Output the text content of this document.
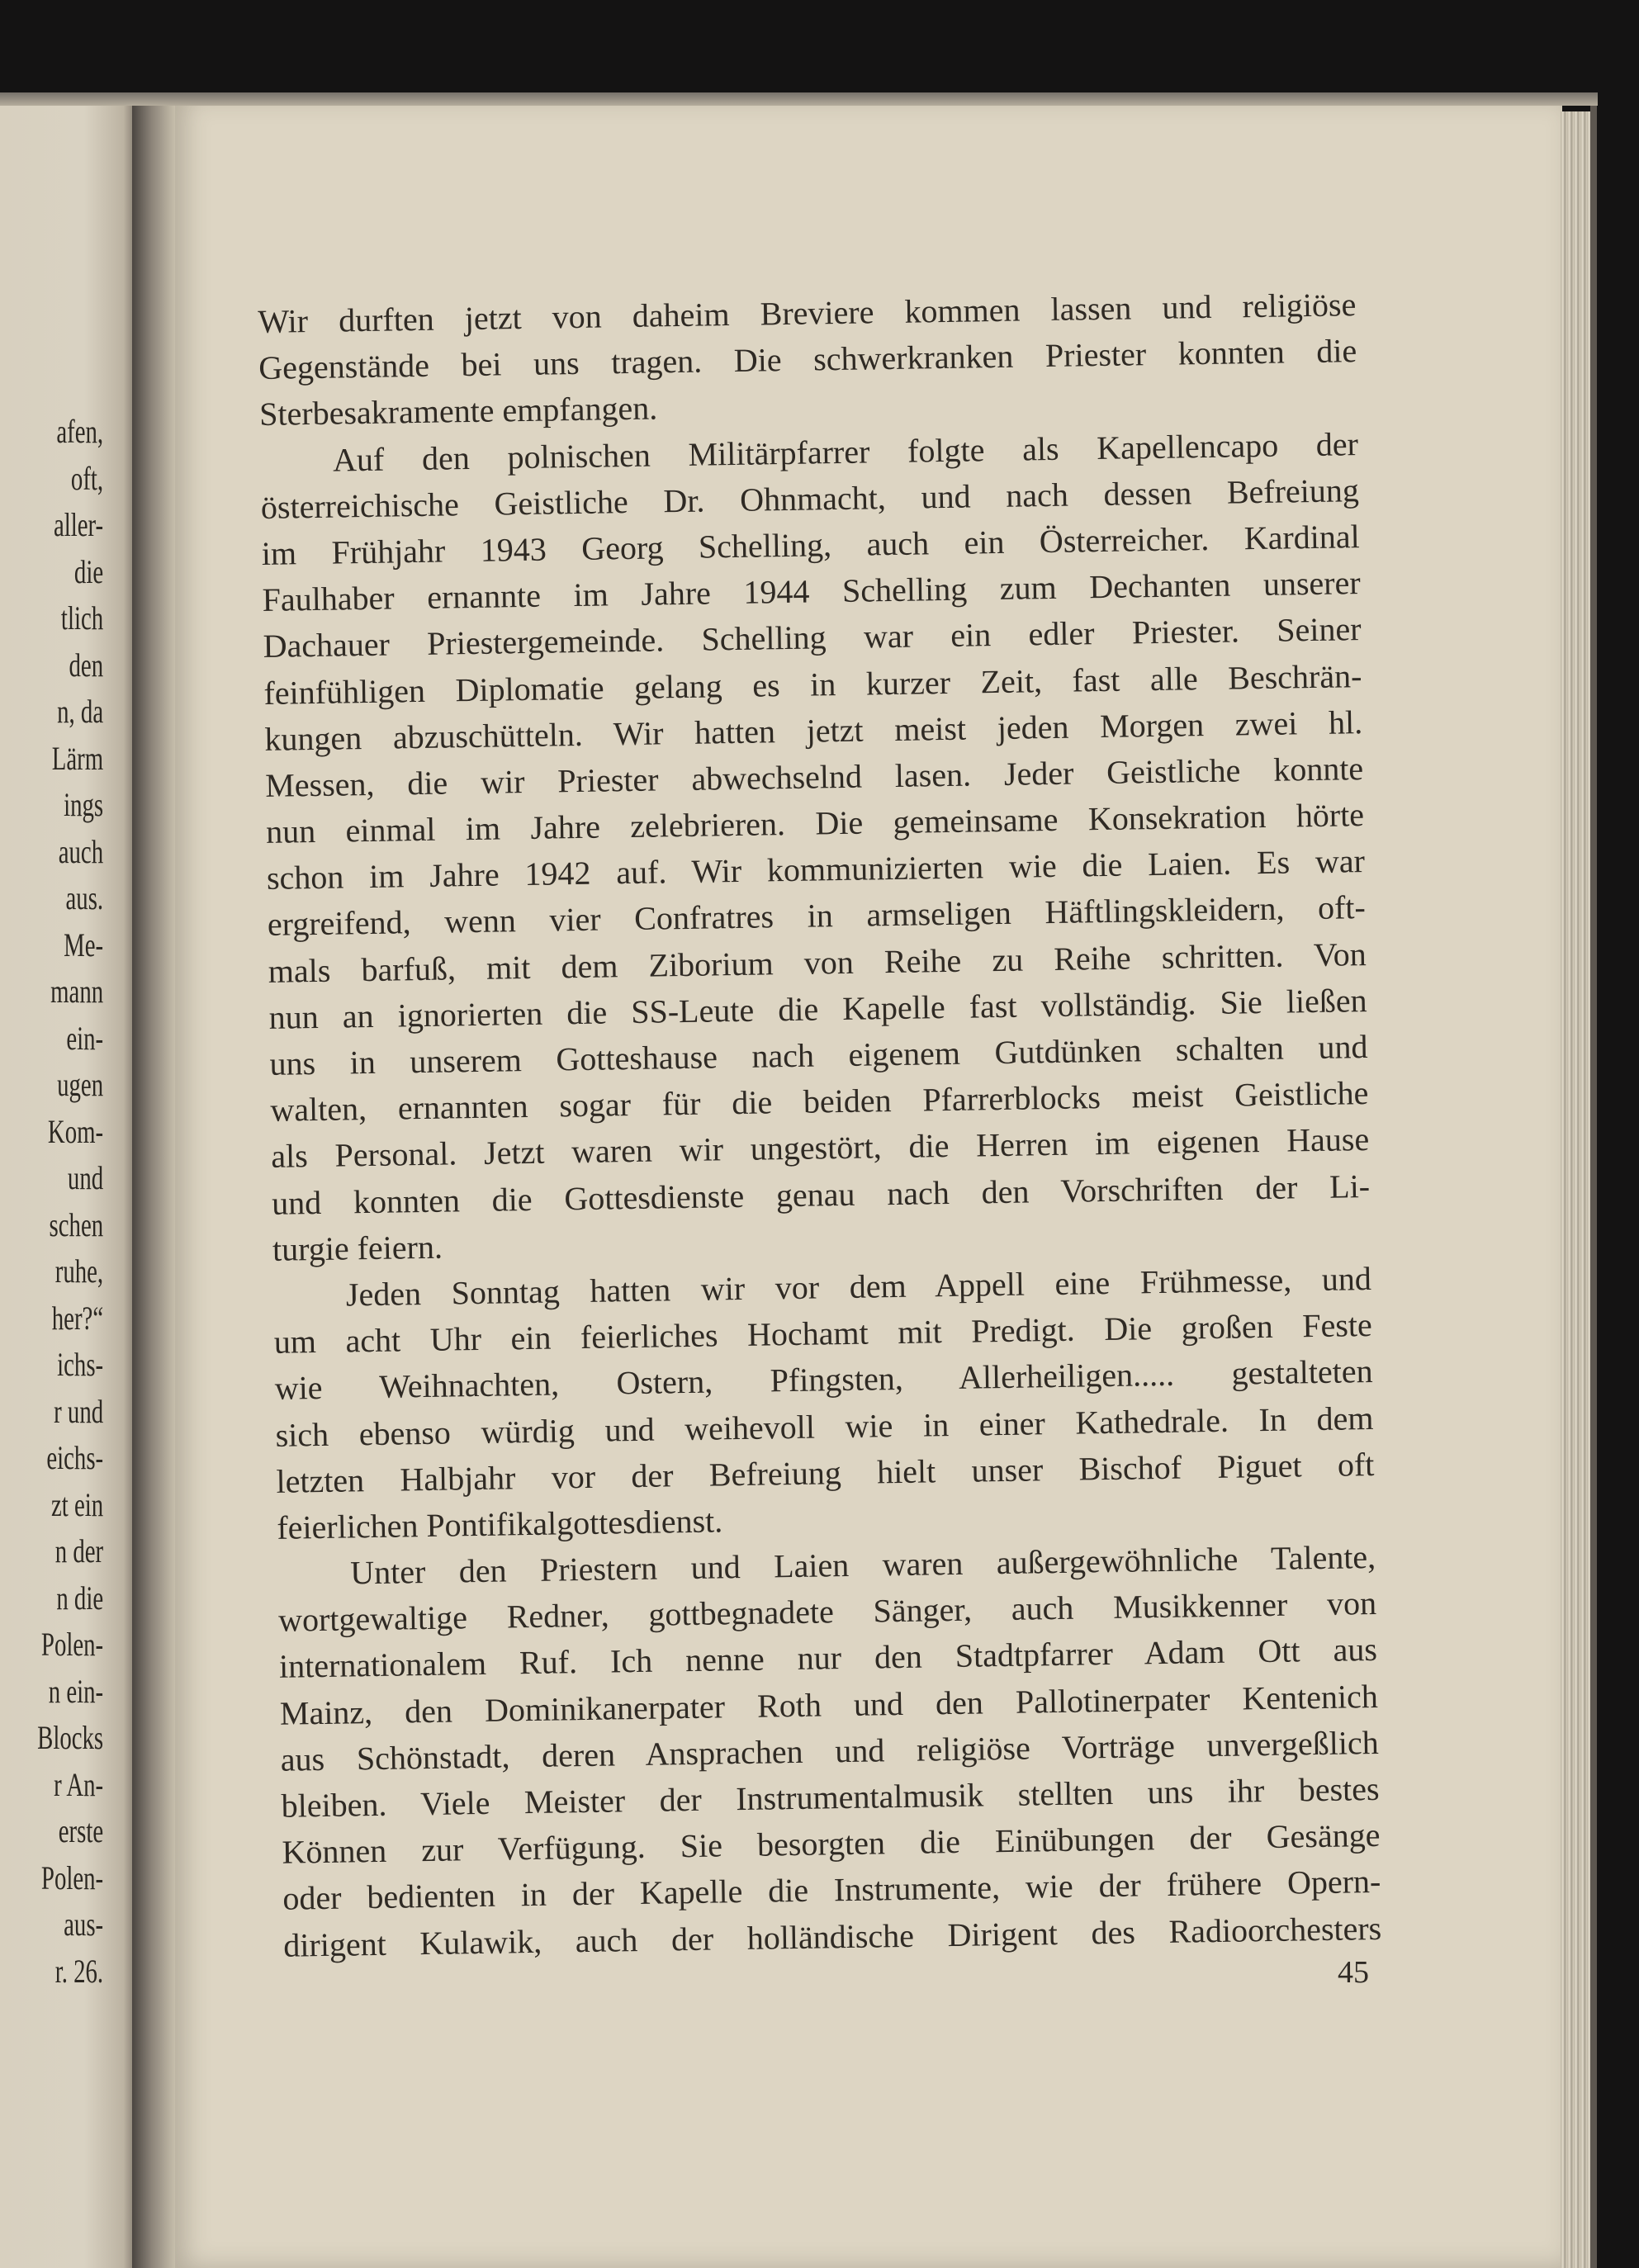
afen,
oft,
aller-
die
tlich
den
n, da
Lärm
ings
auch
aus.
Me-
mann
ein-
ugen
Kom-
und
schen
ruhe,
her?“
ichs-
r und
eichs-
zt ein
n der
n die
Polen-
n ein-
Blocks
r An-
erste
Polen-
aus-
r. 26.

Wir durften jetzt von daheim Breviere kommen lassen und religiöse

Gegenstände bei uns tragen. Die schwerkranken Priester konnten die

Sterbesakramente empfangen.

Auf den polnischen Militärpfarrer folgte als Kapellencapo der

österreichische Geistliche Dr. Ohnmacht, und nach dessen Befreiung

im Frühjahr 1943 Georg Schelling, auch ein Österreicher. Kardinal

Faulhaber ernannte im Jahre 1944 Schelling zum Dechanten unserer

Dachauer Priestergemeinde. Schelling war ein edler Priester. Seiner

feinfühligen Diplomatie gelang es in kurzer Zeit, fast alle Beschrän-

kungen abzuschütteln. Wir hatten jetzt meist jeden Morgen zwei hl.

Messen, die wir Priester abwechselnd lasen. Jeder Geistliche konnte

nun einmal im Jahre zelebrieren. Die gemeinsame Konsekration hörte

schon im Jahre 1942 auf. Wir kommunizierten wie die Laien. Es war

ergreifend, wenn vier Confratres in armseligen Häftlingskleidern, oft-

mals barfuß, mit dem Ziborium von Reihe zu Reihe schritten. Von

nun an ignorierten die SS-Leute die Kapelle fast vollständig. Sie ließen

uns in unserem Gotteshause nach eigenem Gutdünken schalten und

walten, ernannten sogar für die beiden Pfarrerblocks meist Geistliche

als Personal. Jetzt waren wir ungestört, die Herren im eigenen Hause

und konnten die Gottesdienste genau nach den Vorschriften der Li-

turgie feiern.

Jeden Sonntag hatten wir vor dem Appell eine Frühmesse, und

um acht Uhr ein feierliches Hochamt mit Predigt. Die großen Feste

wie Weihnachten, Ostern, Pfingsten, Allerheiligen..... gestalteten

sich ebenso würdig und weihevoll wie in einer Kathedrale. In dem

letzten Halbjahr vor der Befreiung hielt unser Bischof Piguet oft

feierlichen Pontifikalgottesdienst.

Unter den Priestern und Laien waren außergewöhnliche Talente,

wortgewaltige Redner, gottbegnadete Sänger, auch Musikkenner von

internationalem Ruf. Ich nenne nur den Stadtpfarrer Adam Ott aus

Mainz, den Dominikanerpater Roth und den Pallotinerpater Kentenich

aus Schönstadt, deren Ansprachen und religiöse Vorträge unvergeßlich

bleiben. Viele Meister der Instrumentalmusik stellten uns ihr bestes

Können zur Verfügung. Sie besorgten die Einübungen der Gesänge

oder bedienten in der Kapelle die Instrumente, wie der frühere Opern-

dirigent Kulawik, auch der holländische Dirigent des Radioorchesters

45
